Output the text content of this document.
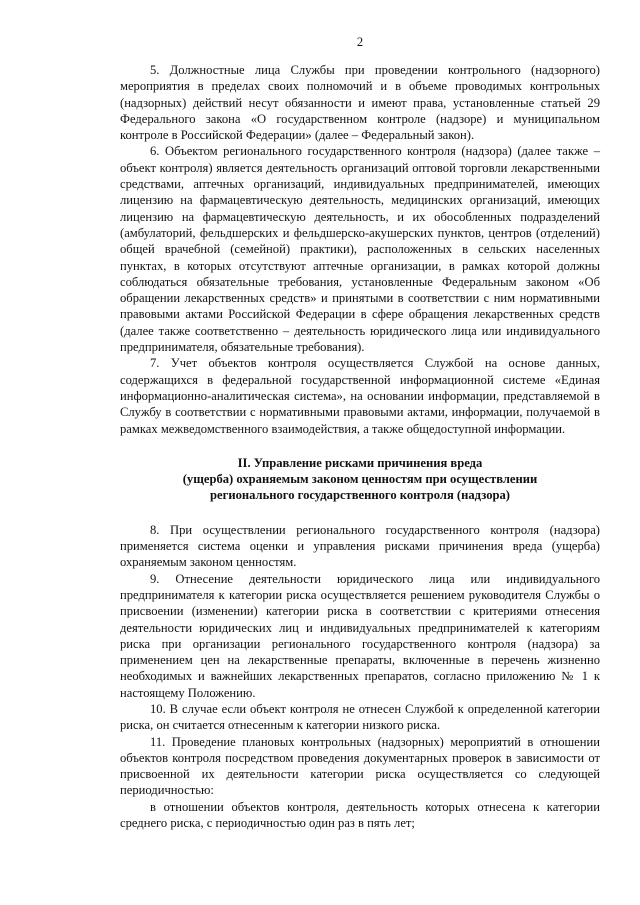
2

5. Должностные лица Службы при проведении контрольного (надзорного) мероприятия в пределах своих полномочий и в объеме проводимых контрольных (надзорных) действий несут обязанности и имеют права, установленные статьей 29 Федерального закона «О государственном контроле (надзоре) и муниципальном контроле в Российской Федерации» (далее – Федеральный закон).

6. Объектом регионального государственного контроля (надзора) (далее также – объект контроля) является деятельность организаций оптовой торговли лекарственными средствами, аптечных организаций, индивидуальных предпринимателей, имеющих лицензию на фармацевтическую деятельность, медицинских организаций, имеющих лицензию на фармацевтическую деятельность, и их обособленных подразделений (амбулаторий, фельдшерских и фельдшерско-акушерских пунктов, центров (отделений) общей врачебной (семейной) практики), расположенных в сельских населенных пунктах, в которых отсутствуют аптечные организации, в рамках которой должны соблюдаться обязательные требования, установленные Федеральным законом «Об обращении лекарственных средств» и принятыми в соответствии с ним нормативными правовыми актами Российской Федерации в сфере обращения лекарственных средств (далее также соответственно – деятельность юридического лица или индивидуального предпринимателя, обязательные требования).

7. Учет объектов контроля осуществляется Службой на основе данных, содержащихся в федеральной государственной информационной системе «Единая информационно-аналитическая система», на основании информации, представляемой в Службу в соответствии с нормативными правовыми актами, информации, получаемой в рамках межведомственного взаимодействия, а также общедоступной информации.

II. Управление рисками причинения вреда
(ущерба) охраняемым законом ценностям при осуществлении
регионального государственного контроля (надзора)

8. При осуществлении регионального государственного контроля (надзора) применяется система оценки и управления рисками причинения вреда (ущерба) охраняемым законом ценностям.

9. Отнесение деятельности юридического лица или индивидуального предпринимателя к категории риска осуществляется решением руководителя Службы о присвоении (изменении) категории риска в соответствии с критериями отнесения деятельности юридических лиц и индивидуальных предпринимателей к категориям риска при организации регионального государственного контроля (надзора) за применением цен на лекарственные препараты, включенные в перечень жизненно необходимых и важнейших лекарственных препаратов, согласно приложению № 1 к настоящему Положению.

10. В случае если объект контроля не отнесен Службой к определенной категории риска, он считается отнесенным к категории низкого риска.

11. Проведение плановых контрольных (надзорных) мероприятий в отношении объектов контроля посредством проведения документарных проверок в зависимости от присвоенной их деятельности категории риска осуществляется со следующей периодичностью:

в отношении объектов контроля, деятельность которых отнесена к категории среднего риска, с периодичностью один раз в пять лет;
